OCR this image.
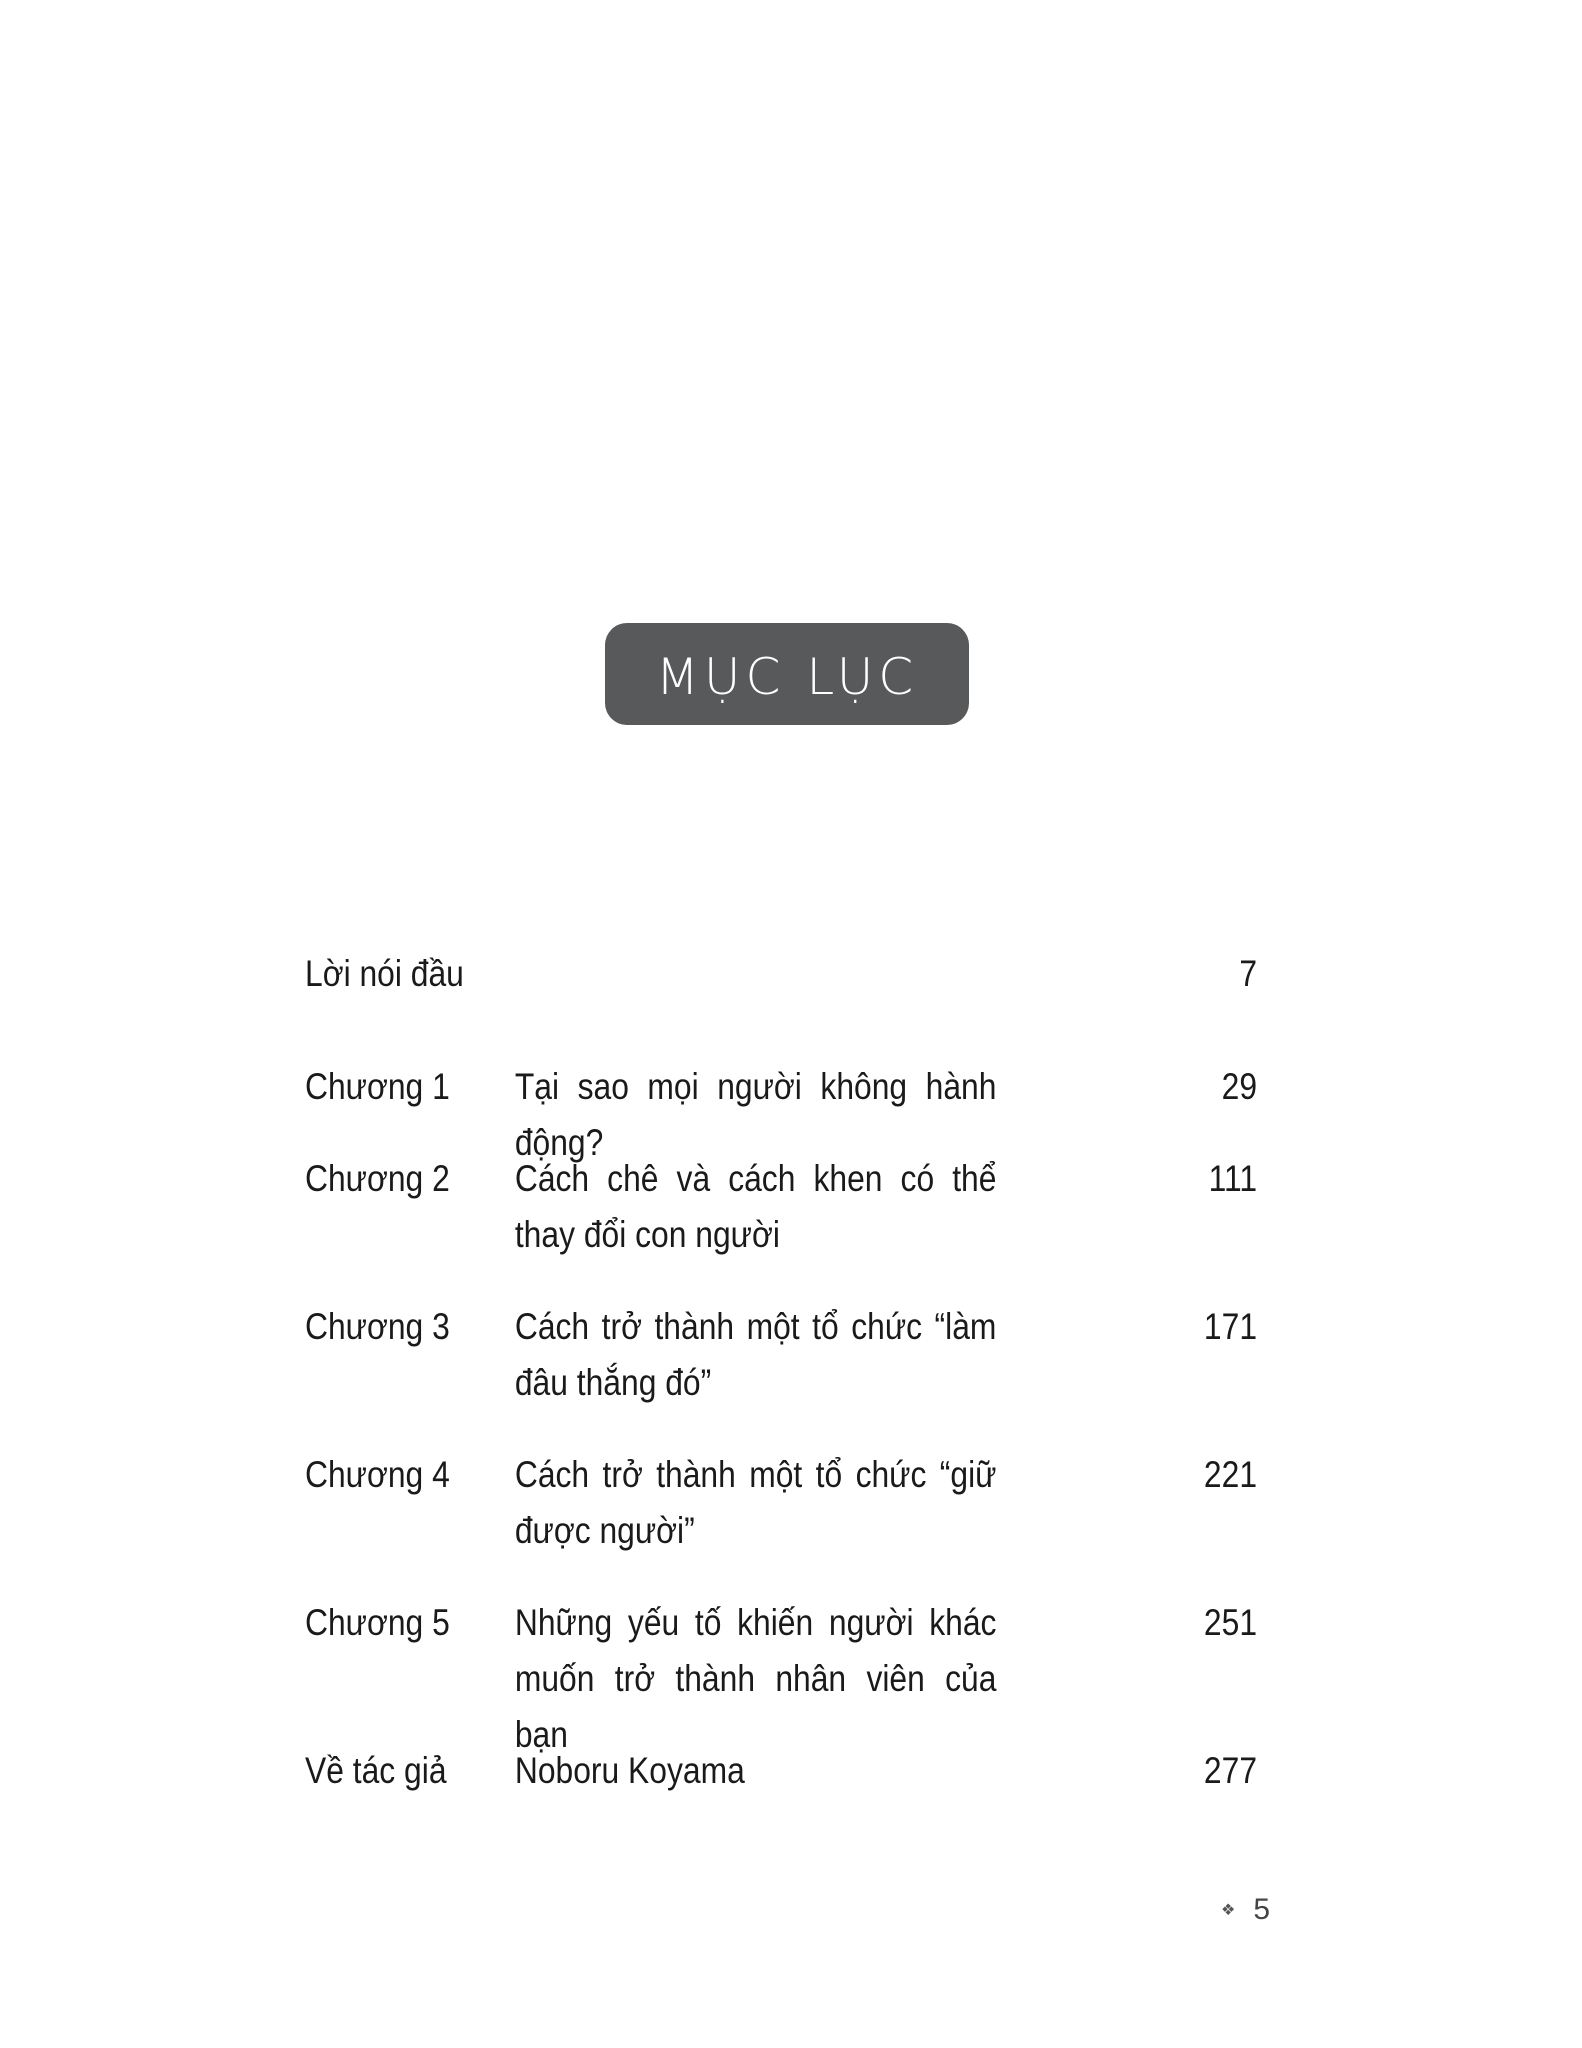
MỤC LỤC
Lời nói đầu	7
Chương 1 Tại sao mọi người không hành động?
29
Chương 2 Cách chê và cách khen có thể thay đổi con người
111
Chương 3 Cách trở thành một tổ chức “làm đâu thắng đó”
171
Chương 4 Cách trở thành một tổ chức “giữ được người”
221
Chương 5 Những yếu tố khiến người khác muốn trở thành nhân viên của bạn
251
Về tác giả Noboru Koyama	277
❖ 5
